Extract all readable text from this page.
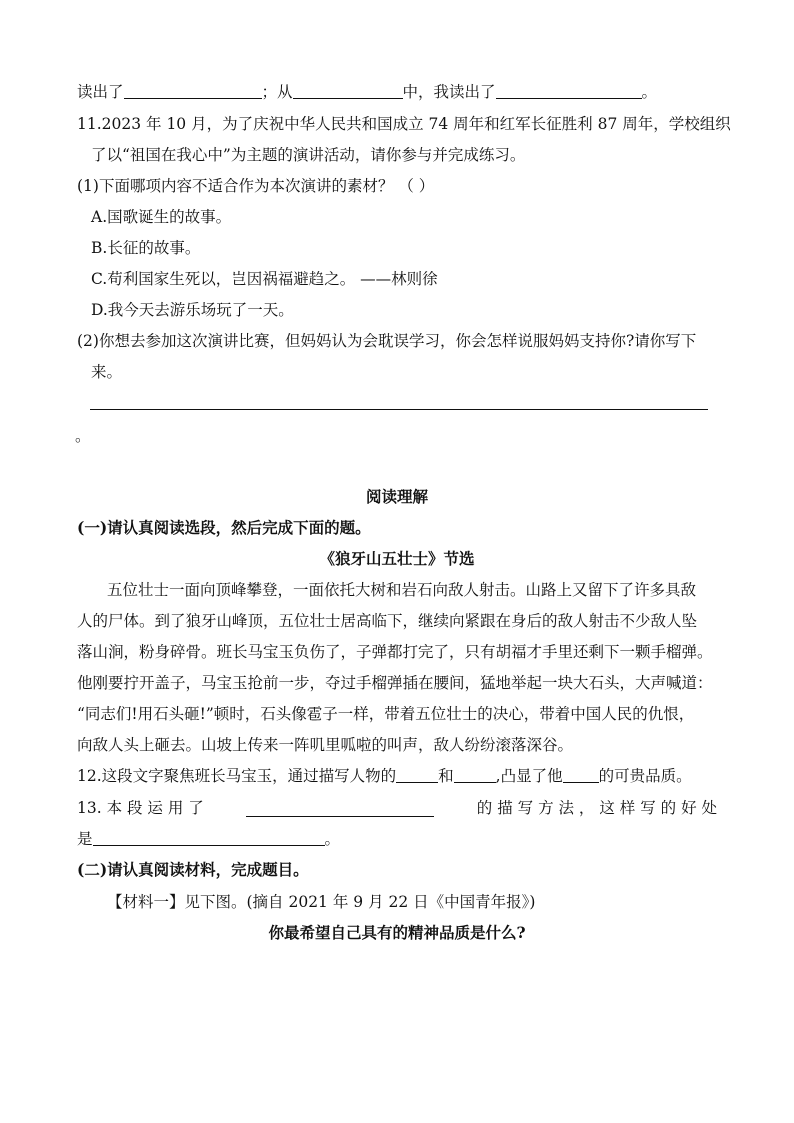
读出了	；从	中，我读出了	。
11.2023 年 10 月，为了庆祝中华人民共和国成立 74 周年和红军长征胜利 87 周年，学校组织
了以“祖国在我心中”为主题的演讲活动，请你参与并完成练习。
(1)下面哪项内容不适合作为本次演讲的素材？ （ ）
A.国歌诞生的故事。
B.长征的故事。
C.苟利国家生死以，岂因祸福避趋之。 ——林则徐
D.我今天去游乐场玩了一天。
(2)你想去参加这次演讲比赛，但妈妈认为会耽误学习，你会怎样说服妈妈支持你?请你写下
来。
。
阅读理解
(一)请认真阅读选段，然后完成下面的题。
《狼牙山五壮士》节选
五位壮士一面向顶峰攀登，一面依托大树和岩石向敌人射击。山路上又留下了许多具敌
人的尸体。到了狼牙山峰顶，五位壮士居高临下，继续向紧跟在身后的敌人射击不少敌人坠
落山涧，粉身碎骨。班长马宝玉负伤了，子弹都打完了，只有胡福才手里还剩下一颗手榴弹。
他刚要拧开盖子，马宝玉抢前一步，夺过手榴弹插在腰间，猛地举起一块大石头，大声喊道：
“同志们!用石头砸!”顿时，石头像雹子一样，带着五位壮士的决心，带着中国人民的仇恨，
向敌人头上砸去。山坡上传来一阵叽里呱啦的叫声，敌人纷纷滚落深谷。
12.这段文字聚焦班长马宝玉，通过描写人物的	和	,凸显了他 的可贵品质。
13. 本 段 运 用 了	的 描 写 方 法 ， 这 样 写 的 好 处
是	。
(二)请认真阅读材料，完成题目。
【材料一】见下图。(摘自 2021 年 9 月 22 日《中国青年报》)
你最希望自己具有的精神品质是什么?
